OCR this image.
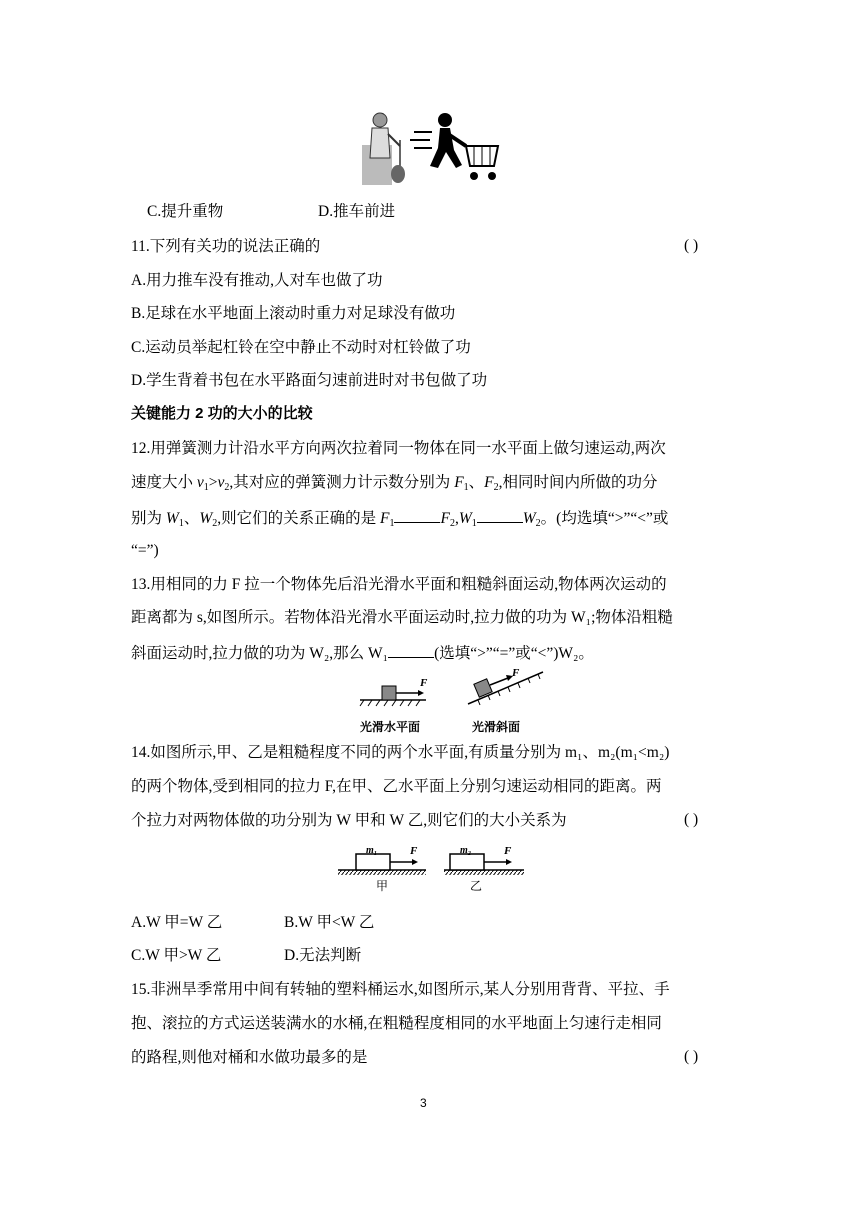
C.提升重物	D.推车前进
11.下列有关功的说法正确的	( )
A.用力推车没有推动,人对车也做了功
B.足球在水平地面上滚动时重力对足球没有做功
C.运动员举起杠铃在空中静止不动时对杠铃做了功
D.学生背着书包在水平路面匀速前进时对书包做了功
关键能力 2 功的大小的比较
12.用弹簧测力计沿水平方向两次拉着同一物体在同一水平面上做匀速运动,两次
速度大小 $v_1>v_2$,其对应的弹簧测力计示数分别为 $F_1$、$F_2$,相同时间内所做的功分
别为 $W_1$、$W_2$,则它们的关系正确的是 $F_1$	$F_2,W_1$	$W_2$。(均选填“>”“<”或
“=”)
13.用相同的力 F 拉一个物体先后沿光滑水平面和粗糙斜面运动,物体两次运动的
距离都为 s,如图所示。若物体沿光滑水平面运动时,拉力做的功为 W₁;物体沿粗糙
斜面运动时,拉力做的功为 W₂,那么 W₁	(选填“>”“=”或“<”)W₂。
F
F
光滑水平面	光滑斜面
14.如图所示,甲、乙是粗糙程度不同的两个水平面,有质量分别为 m₁、m₂(m₁<m₂)
的两个物体,受到相同的拉力 F,在甲、乙水平面上分别匀速运动相同的距离。两
个拉力对两物体做的功分别为 W 甲和 W 乙,则它们的大小关系为	( )
m₁	F	m₂	F
甲	乙
A.W 甲=W 乙	B.W 甲<W 乙
C.W 甲>W 乙	D.无法判断
15.非洲旱季常用中间有转轴的塑料桶运水,如图所示,某人分别用背背、平拉、手
抱、滚拉的方式运送装满水的水桶,在粗糙程度相同的水平地面上匀速行走相同
的路程,则他对桶和水做功最多的是	( )
3
